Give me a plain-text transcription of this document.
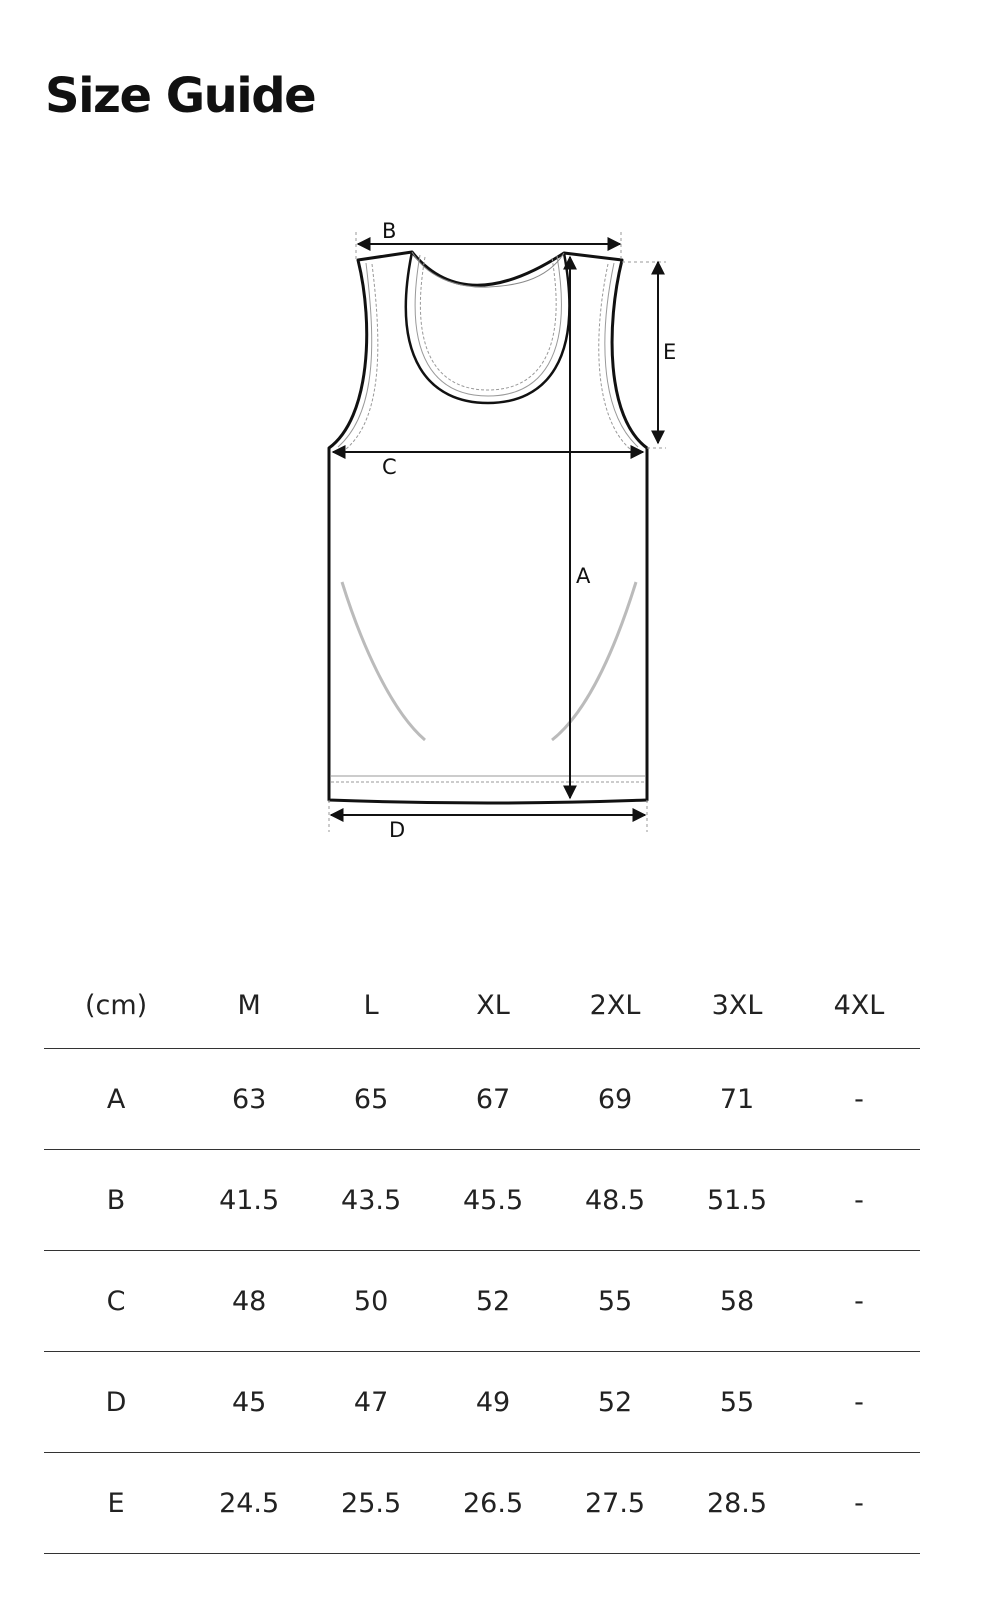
Size Guide
B
E
C
A
D
(cm)	M	L	XL	2XL	3XL	4XL
A	63	65	67	69	71	-
B	41.5	43.5	45.5	48.5	51.5	-
C	48	50	52	55	58	-
D	45	47	49	52	55	-
E	24.5	25.5	26.5	27.5	28.5	-
